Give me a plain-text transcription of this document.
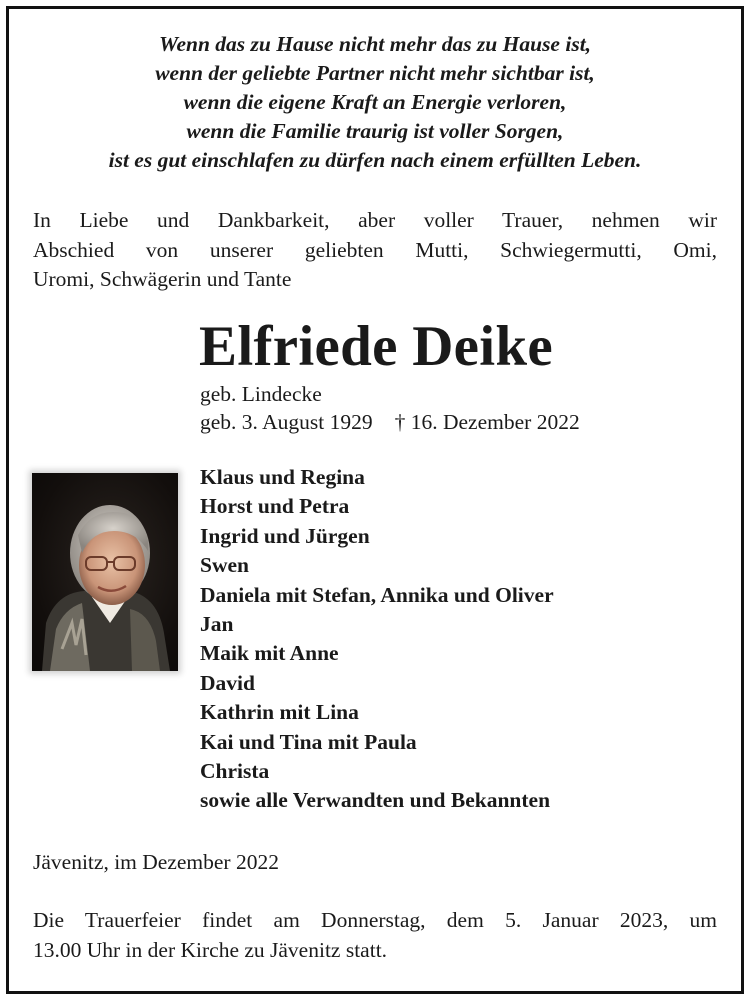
Wenn das zu Hause nicht mehr das zu Hause ist,
wenn der geliebte Partner nicht mehr sichtbar ist,
wenn die eigene Kraft an Energie verloren,
wenn die Familie traurig ist voller Sorgen,
ist es gut einschlafen zu dürfen nach einem erfüllten Leben.
In Liebe und Dankbarkeit, aber voller Trauer, nehmen wir
Abschied von unserer geliebten Mutti, Schwiegermutti, Omi,
Uromi, Schwägerin und Tante
Elfriede Deike
geb. Lindecke
geb. 3. August 1929 † 16. Dezember 2022
Klaus und Regina
Horst und Petra
Ingrid und Jürgen
Swen
Daniela mit Stefan, Annika und Oliver
Jan
Maik mit Anne
David
Kathrin mit Lina
Kai und Tina mit Paula
Christa
sowie alle Verwandten und Bekannten
Jävenitz, im Dezember 2022
Die Trauerfeier findet am Donnerstag, dem 5. Januar 2023, um
13.00 Uhr in der Kirche zu Jävenitz statt.
